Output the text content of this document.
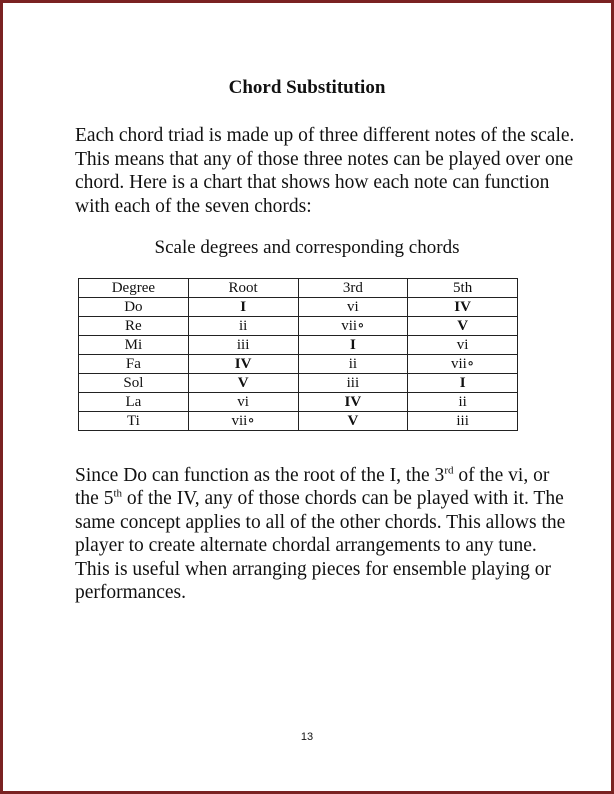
Chord Substitution
Each chord triad is made up of three different notes of the scale. This means that any of those three notes can be played over one chord. Here is a chart that shows how each note can function with each of the seven chords:
Scale degrees and corresponding chords
Degree	Root	3rd	5th
Do	I	vi	IV
Re	ii	vii∘	V
Mi	iii	I	vi
Fa	IV	ii	vii∘
Sol	V	iii	I
La	vi	IV	ii
Ti	vii∘	V	iii
Since Do can function as the root of the I, the 3rd of the vi, or the 5th of the IV, any of those chords can be played with it. The same concept applies to all of the other chords. This allows the player to create alternate chordal arrangements to any tune. This is useful when arranging pieces for ensemble playing or performances.
13
